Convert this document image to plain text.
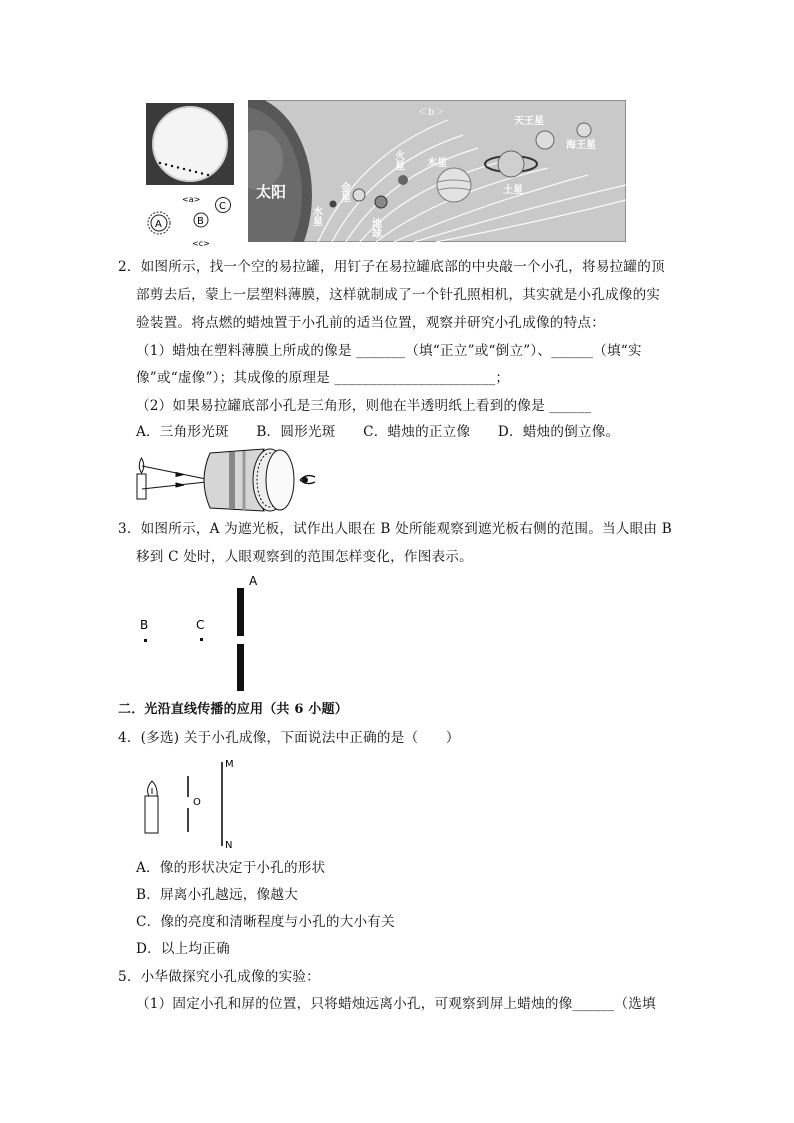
<a>
A	B
C
<c>
＜b＞
太阳
水星
金星
地球
火星 木星
土星
天王星
海王星
2．如图所示，找一个空的易拉罐，用钉子在易拉罐底部的中央敲一个小孔，将易拉罐的顶
部剪去后，蒙上一层塑料薄膜，这样就制成了一个针孔照相机，其实就是小孔成像的实
验装置。将点燃的蜡烛置于小孔前的适当位置，观察并研究小孔成像的特点：
（1）蜡烛在塑料薄膜上所成的像是 _______（填“正立”或“倒立”）、______（填“实
像”或“虚像”）；其成像的原理是 _______________________；
（2）如果易拉罐底部小孔是三角形，则他在半透明纸上看到的像是 ______
A．三角形光斑　　B．圆形光斑　　C．蜡烛的正立像　　D．蜡烛的倒立像。
3．如图所示，A 为遮光板，试作出人眼在 B 处所能观察到遮光板右侧的范围。当人眼由 B
移到 C 处时，人眼观察到的范围怎样变化，作图表示。
A
B	C
二．光沿直线传播的应用（共 6 小题）
4．(多选) 关于小孔成像，下面说法中正确的是（　　）
O
M
N
A．像的形状决定于小孔的形状
B．屏离小孔越远，像越大
C．像的亮度和清晰程度与小孔的大小有关
D．以上均正确
5．小华做探究小孔成像的实验：
（1）固定小孔和屏的位置，只将蜡烛远离小孔，可观察到屏上蜡烛的像______（选填
